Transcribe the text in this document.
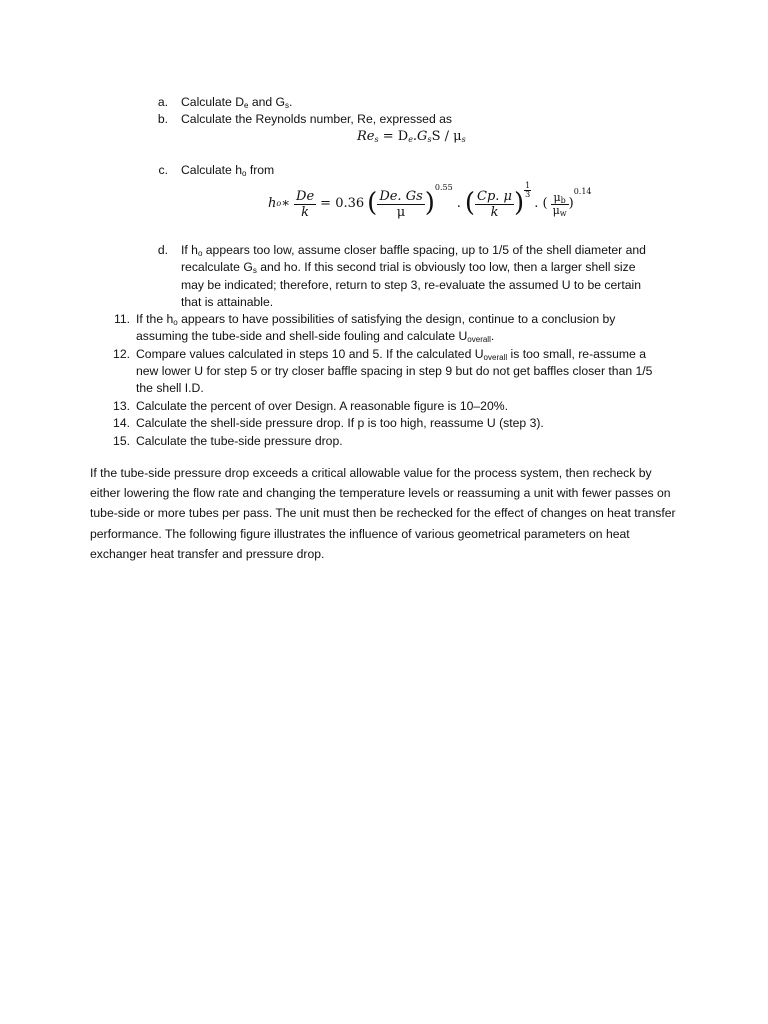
a. Calculate $D_e$ and $G_s$.
b. Calculate the Reynolds number, Re, expressed as
$Re_s = D_e.G_sS / \mu_s$
c. Calculate $h_o$ from
h o ∗ $\frac{De}{k} = 0.36$ ( $\frac{De. Gs}{\mu}$ )
0.55
. ( $\frac{Cp. \mu}{k}$ ) $\frac{1}{3}$
. ( $\frac{\mu_b}{\mu_w}$ )
0.14
d. If $h_o$ appears too low, assume closer baffle spacing, up to 1/5 of the shell diameter and
recalculate $G_s$ and ho. If this second trial is obviously too low, then a larger shell size
may be indicated; therefore, return to step 3, re-evaluate the assumed U to be certain
that is attainable.
11. If the $h_o$ appears to have possibilities of satisfying the design, continue to a conclusion by
assuming the tube-side and shell-side fouling and calculate $U_{overall}$.
12. Compare values calculated in steps 10 and 5. If the calculated $U_{overall}$ is too small, re-assume a
new lower U for step 5 or try closer baffle spacing in step 9 but do not get baffles closer than 1/5
the shell I.D.
13. Calculate the percent of over Design. A reasonable figure is 10–20%.
14. Calculate the shell-side pressure drop. If p is too high, reassume U (step 3).
15. Calculate the tube-side pressure drop.

If the tube-side pressure drop exceeds a critical allowable value for the process system, then recheck by either lowering the flow rate and changing the temperature levels or reassuming a unit with fewer passes on tube-side or more tubes per pass. The unit must then be rechecked for the effect of changes on heat transfer performance. The following figure illustrates the influence of various geometrical parameters on heat exchanger heat transfer and pressure drop.
